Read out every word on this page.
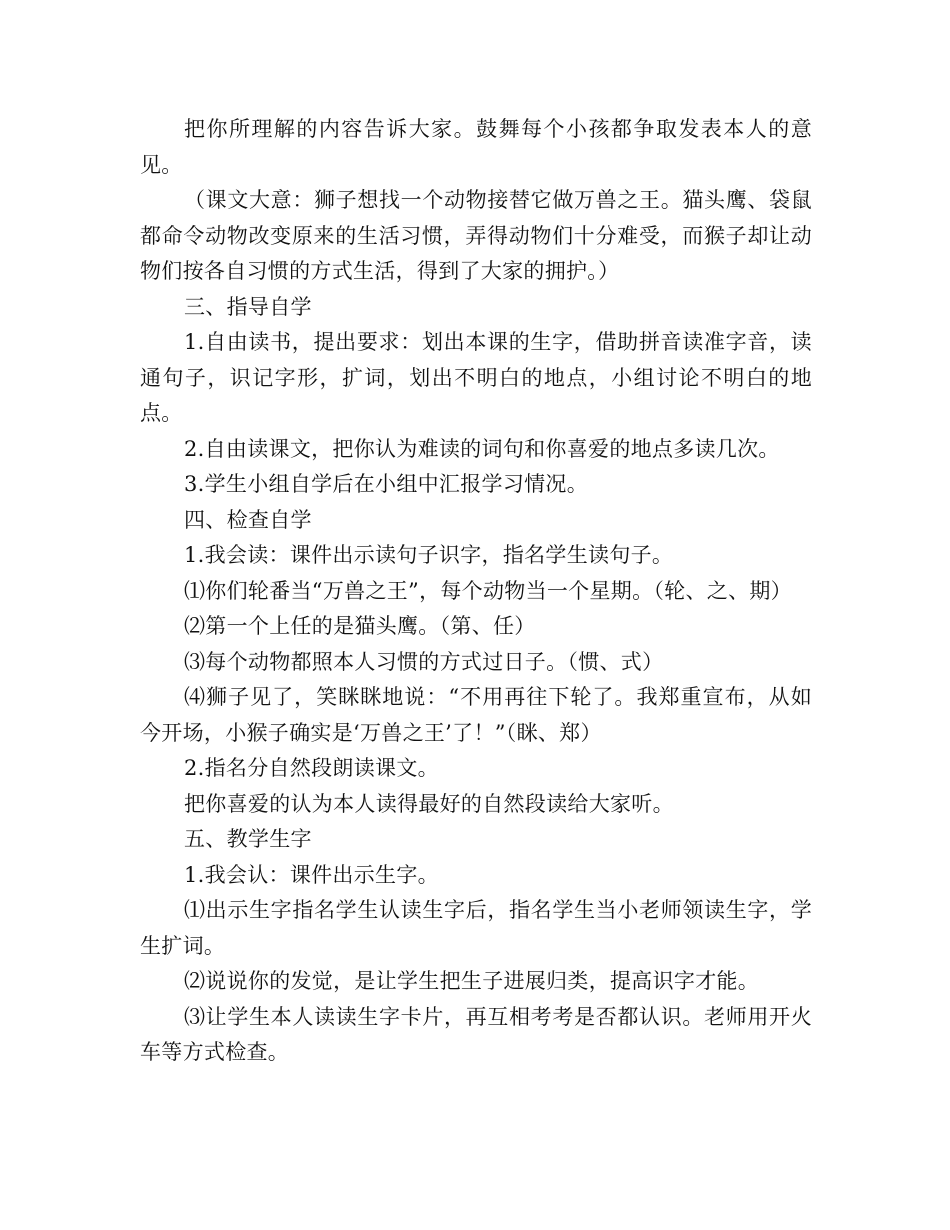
把你所理解的内容告诉大家。鼓舞每个小孩都争取发表本人的意见。

（课文大意：狮子想找一个动物接替它做万兽之王。猫头鹰、袋鼠都命令动物改变原来的生活习惯，弄得动物们十分难受，而猴子却让动物们按各自习惯的方式生活，得到了大家的拥护。）

三、指导自学

1.自由读书，提出要求：划出本课的生字，借助拼音读准字音，读通句子，识记字形，扩词，划出不明白的地点，小组讨论不明白的地点。

2.自由读课文，把你认为难读的词句和你喜爱的地点多读几次。

3.学生小组自学后在小组中汇报学习情况。

四、检查自学

1.我会读：课件出示读句子识字，指名学生读句子。

⑴你们轮番当“万兽之王”，每个动物当一个星期。（轮、之、期）

⑵第一个上任的是猫头鹰。（第、任）

⑶每个动物都照本人习惯的方式过日子。（惯、式）

⑷狮子见了，笑眯眯地说：“不用再往下轮了。我郑重宣布，从如今开场，小猴子确实是‘万兽之王’了！”（眯、郑）

2.指名分自然段朗读课文。

把你喜爱的认为本人读得最好的自然段读给大家听。

五、教学生字

1.我会认：课件出示生字。

⑴出示生字指名学生认读生字后，指名学生当小老师领读生字，学生扩词。

⑵说说你的发觉，是让学生把生子进展归类，提高识字才能。

⑶让学生本人读读生字卡片，再互相考考是否都认识。老师用开火车等方式检查。
